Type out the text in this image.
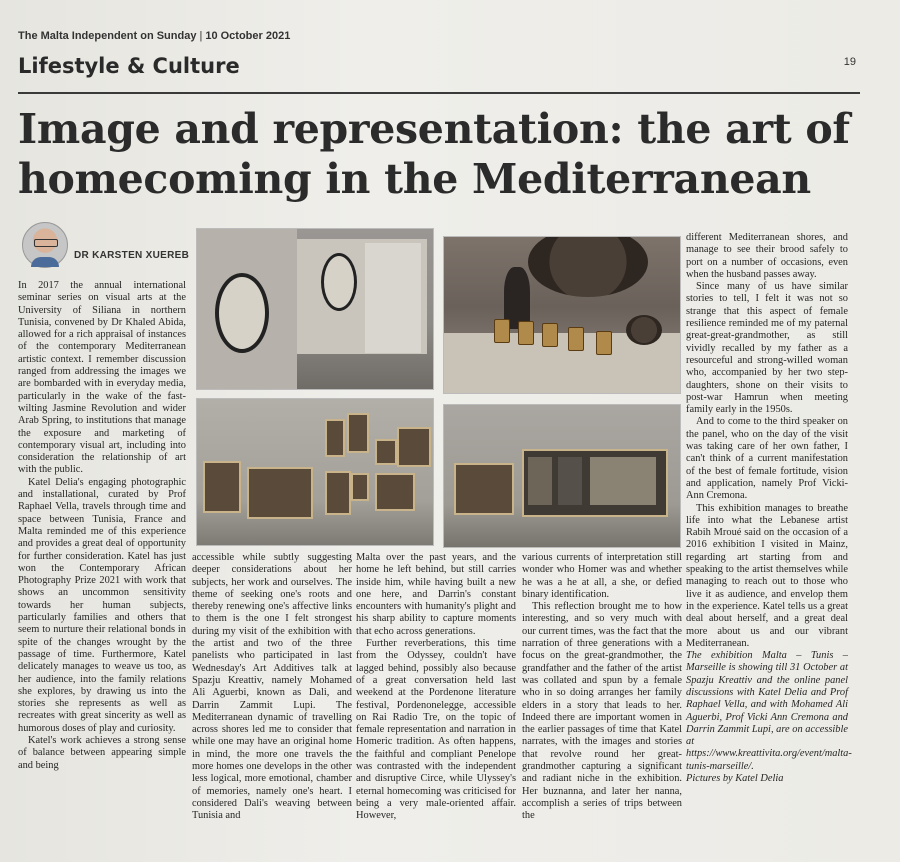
The Malta Independent on Sunday | 10 October 2021
Lifestyle & Culture	19
Image and representation: the art of homecoming in the Mediterranean
DR KARSTEN XUEREB

In 2017 the annual international seminar series on visual arts at the University of Siliana in northern Tunisia, convened by Dr Khaled Abida, allowed for a rich appraisal of instances of the contemporary Mediterranean artistic context. I remember discussion ranged from addressing the images we are bombarded with in everyday media, particularly in the wake of the fast-wilting Jasmine Revolution and wider Arab Spring, to institutions that manage the exposure and marketing of contemporary visual art, including into consideration the relationship of art with the public.

Katel Delia's engaging photographic and installational, curated by Prof Raphael Vella, travels through time and space between Tunisia, France and Malta reminded me of this experience and provides a great deal of opportunity for further consideration. Katel has just won the Contemporary African Photography Prize 2021 with work that shows an uncommon sensitivity towards her human subjects, particularly families and others that seem to nurture their relational bonds in spite of the changes wrought by the passage of time. Furthermore, Katel delicately manages to weave us too, as her audience, into the family relations she explores, by drawing us into the stories she represents as well as recreates with great sincerity as well as humorous doses of play and curiosity.

Katel's work achieves a strong sense of balance between appearing simple and being

accessible while subtly suggesting deeper considerations about her subjects, her work and ourselves. The theme of seeking one's roots and thereby renewing one's affective links to them is the one I felt strongest during my visit of the exhibition with the artist and two of the three panelists who participated in last Wednesday's Art Additives talk at Spazju Kreattiv, namely Mohamed Ali Aguerbi, known as Dali, and Darrin Zammit Lupi. The Mediterranean dynamic of travelling across shores led me to consider that while one may have an original home in mind, the more one travels the more homes one develops in the other less logical, more emotional, chamber of memories, namely one's heart. I considered Dali's weaving between Tunisia and

Malta over the past years, and the home he left behind, but still carries inside him, while having built a new one here, and Darrin's constant encounters with humanity's plight and his sharp ability to capture moments that echo across generations.

Further reverberations, this time from the Odyssey, couldn't have lagged behind, possibly also because of a great conversation held last weekend at the Pordenone literature festival, Pordenonelegge, accessible on Rai Radio Tre, on the topic of female representation and narration in Homeric tradition. As often happens, the faithful and compliant Penelope was contrasted with the independent and disruptive Circe, while Ulyssey's eternal homecoming was criticised for being a very male-oriented affair. However,

various currents of interpretation still wonder who Homer was and whether he was a he at all, a she, or defied binary identification.

This reflection brought me to how interesting, and so very much with our current times, was the fact that the narration of three generations with a focus on the great-grandmother, the grandfather and the father of the artist was collated and spun by a female who in so doing arranges her family elders in a story that leads to her. Indeed there are important women in the earlier passages of time that Katel narrates, with the images and stories that revolve round her great-grandmother capturing a significant and radiant niche in the exhibition. Her buznanna, and later her nanna, accomplish a series of trips between the

different Mediterranean shores, and manage to see their brood safely to port on a number of occasions, even when the husband passes away.

Since many of us have similar stories to tell, I felt it was not so strange that this aspect of female resilience reminded me of my paternal great-great-grandmother, as still vividly recalled by my father as a resourceful and strong-willed woman who, accompanied by her two step-daughters, shone on their visits to post-war Hamrun when meeting family early in the 1950s.

And to come to the third speaker on the panel, who on the day of the visit was taking care of her own father, I can't think of a current manifestation of the best of female fortitude, vision and application, namely Prof Vicki-Ann Cremona.

This exhibition manages to breathe life into what the Lebanese artist Rabih Mroué said on the occasion of a 2016 exhibition I visited in Mainz, regarding art starting from and speaking to the artist themselves while managing to reach out to those who live it as audience, and envelop them in the experience. Katel tells us a great deal about herself, and a great deal more about us and our vibrant Mediterranean.

The exhibition Malta – Tunis – Marseille is showing till 31 October at Spazju Kreattiv and the online panel discussions with Katel Delia and Prof Raphael Vella, and with Mohamed Ali Aguerbi, Prof Vicki Ann Cremona and Darrin Zammit Lupi, are on accessible at https://www.kreattivita.org/event/malta-tunis-marseille/.

Pictures by Katel Delia
